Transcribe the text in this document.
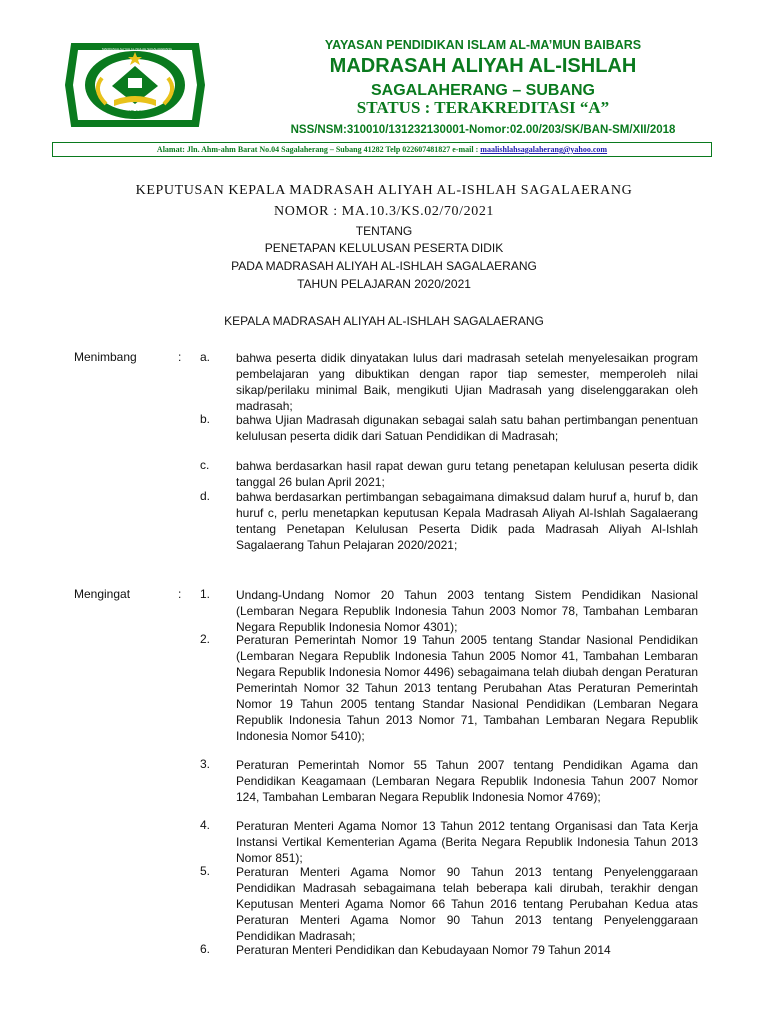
MADRASAH ALIYAH AL-ISHLAH SAGALAHERANG
SUBANG
YAYASAN PENDIDIKAN ISLAM AL-MA’MUN BAIBARS
MADRASAH ALIYAH AL-ISHLAH
SAGALAHERANG – SUBANG
STATUS : TERAKREDITASI “A”
NSS/NSM:310010/131232130001-Nomor:02.00/203/SK/BAN-SM/XII/2018
Alamat: Jln. Ahm-ahm Barat No.04 Sagalaherang – Subang 41282 Telp 022607481827 e-mail : maalishlahsagalaherang@yahoo.com
KEPUTUSAN KEPALA MADRASAH ALIYAH AL-ISHLAH SAGALAERANG
NOMOR : MA.10.3/KS.02/70/2021
TENTANG
PENETAPAN KELULUSAN PESERTA DIDIK
PADA MADRASAH ALIYAH AL-ISHLAH SAGALAERANG
TAHUN PELAJARAN 2020/2021
KEPALA MADRASAH ALIYAH AL-ISHLAH SAGALAERANG
Menimbang	: a. bahwa peserta didik dinyatakan lulus dari madrasah setelah menyelesaikan program pembelajaran yang dibuktikan dengan rapor tiap semester, memperoleh nilai sikap/perilaku minimal Baik, mengikuti Ujian Madrasah yang diselenggarakan oleh madrasah;
b. bahwa Ujian Madrasah digunakan sebagai salah satu bahan pertimbangan penentuan kelulusan peserta didik dari Satuan Pendidikan di Madrasah;
c. bahwa berdasarkan hasil rapat dewan guru tetang penetapan kelulusan peserta didik tanggal 26 bulan April 2021;
d. bahwa berdasarkan pertimbangan sebagaimana dimaksud dalam huruf a, huruf b, dan huruf c, perlu menetapkan keputusan Kepala Madrasah Aliyah Al-Ishlah Sagalaerang tentang Penetapan Kelulusan Peserta Didik pada Madrasah Aliyah Al-Ishlah Sagalaerang Tahun Pelajaran 2020/2021;
Mengingat	: 1. Undang-Undang Nomor 20 Tahun 2003 tentang Sistem Pendidikan Nasional (Lembaran Negara Republik Indonesia Tahun 2003 Nomor 78, Tambahan Lembaran Negara Republik Indonesia Nomor 4301);
2. Peraturan Pemerintah Nomor 19 Tahun 2005 tentang Standar Nasional Pendidikan (Lembaran Negara Republik Indonesia Tahun 2005 Nomor 41, Tambahan Lembaran Negara Republik Indonesia Nomor 4496) sebagaimana telah diubah dengan Peraturan Pemerintah Nomor 32 Tahun 2013 tentang Perubahan Atas Peraturan Pemerintah Nomor 19 Tahun 2005 tentang Standar Nasional Pendidikan (Lembaran Negara Republik Indonesia Tahun 2013 Nomor 71, Tambahan Lembaran Negara Republik Indonesia Nomor 5410);
3. Peraturan Pemerintah Nomor 55 Tahun 2007 tentang Pendidikan Agama dan Pendidikan Keagamaan (Lembaran Negara Republik Indonesia Tahun 2007 Nomor 124, Tambahan Lembaran Negara Republik Indonesia Nomor 4769);
4. Peraturan Menteri Agama Nomor 13 Tahun 2012 tentang Organisasi dan Tata Kerja Instansi Vertikal Kementerian Agama (Berita Negara Republik Indonesia Tahun 2013 Nomor 851);
5. Peraturan Menteri Agama Nomor 90 Tahun 2013 tentang Penyelenggaraan Pendidikan Madrasah sebagaimana telah beberapa kali dirubah, terakhir dengan Keputusan Menteri Agama Nomor 66 Tahun 2016 tentang Perubahan Kedua atas Peraturan Menteri Agama Nomor 90 Tahun 2013 tentang Penyelenggaraan Pendidikan Madrasah;
6. Peraturan Menteri Pendidikan dan Kebudayaan Nomor 79 Tahun 2014
